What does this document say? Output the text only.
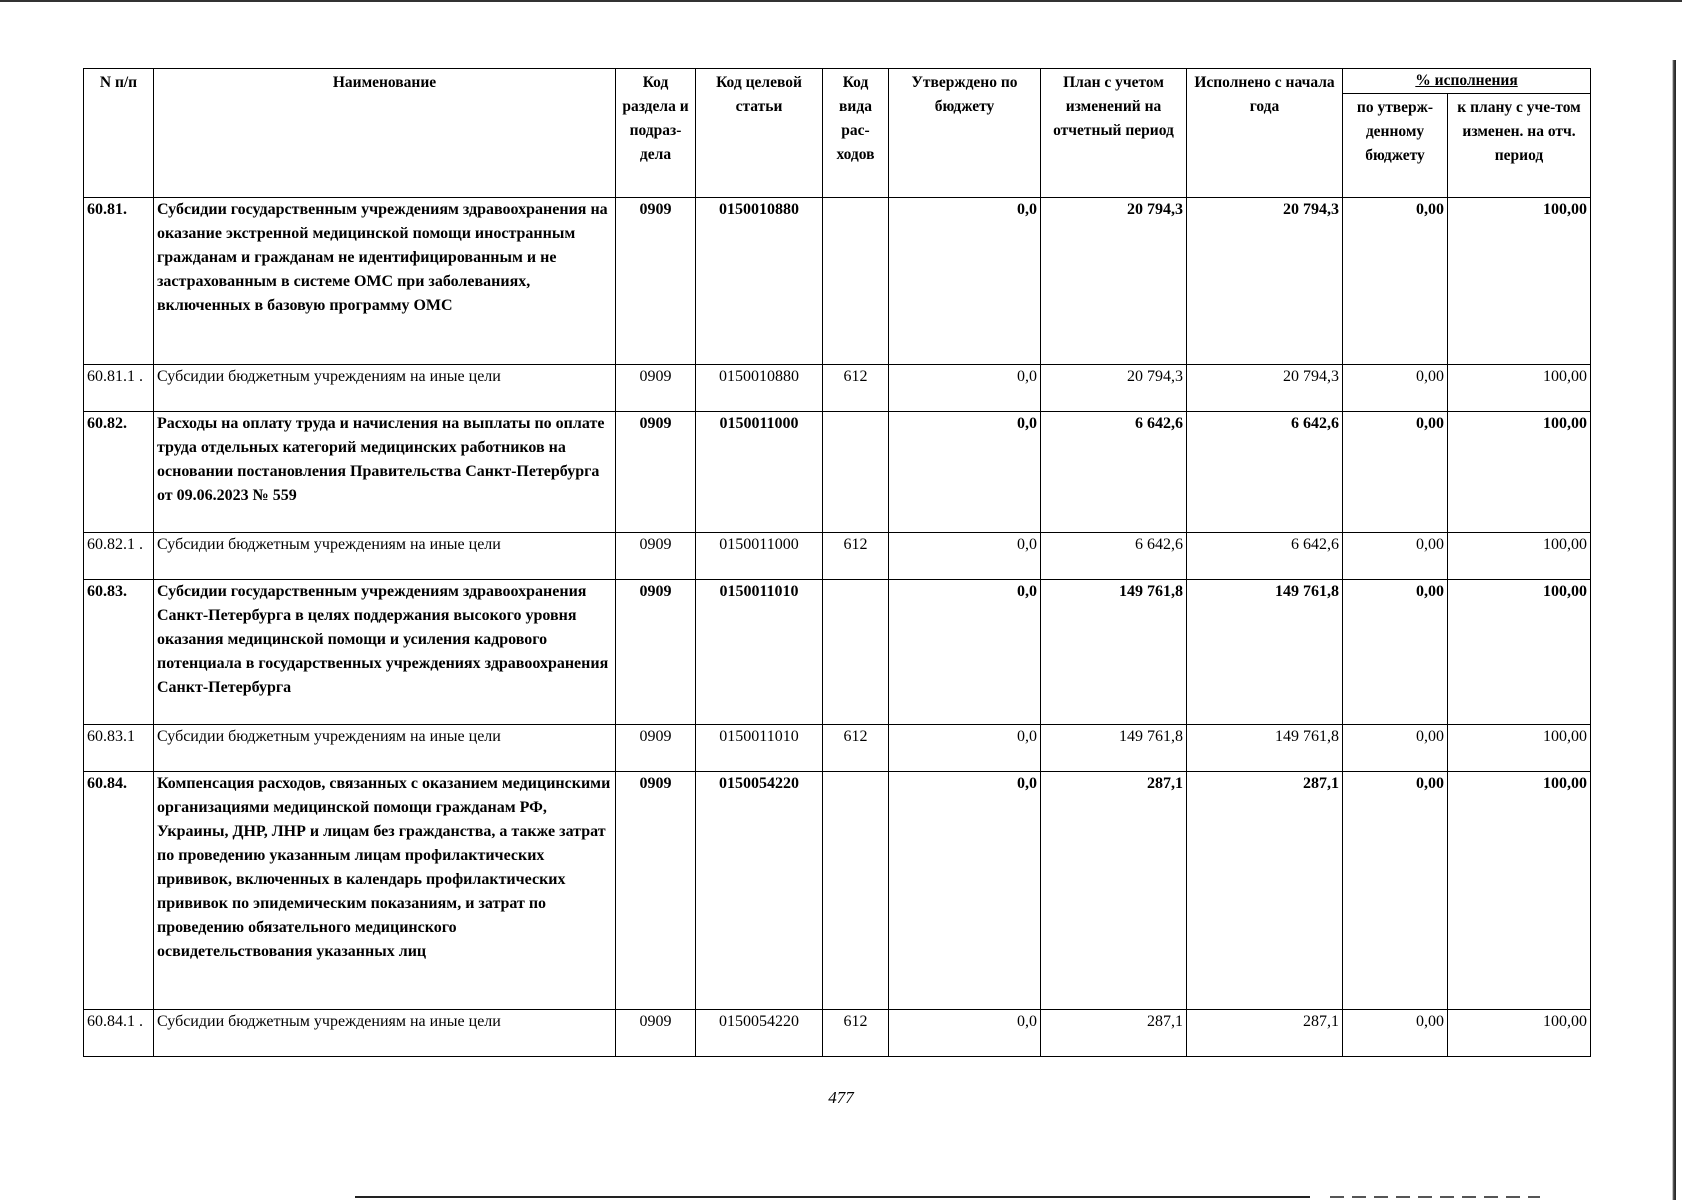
N п/п	Наименование	Код раздела и подраз-дела	Код целевой статьи	Код вида рас-ходов	Утверждено по бюджету	План с учетом изменений на отчетный период	Исполнено с начала года	% исполнения	
								по утверж-денному бюджету	к плану с уче-том изменен. на отч. период
60.81.	Субсидии государственным учреждениям здравоохранения на оказание экстренной медицинской помощи иностранным гражданам и гражданам не идентифицированным и не застрахованным в системе ОМС при заболеваниях, включенных в базовую программу ОМС	0909	0150010880		0,0	20 794,3	20 794,3	0,00	100,00
60.81.1 .	Субсидии бюджетным учреждениям на иные цели	0909	0150010880	612	0,0	20 794,3	20 794,3	0,00	100,00
60.82.	Расходы на оплату труда и начисления на выплаты по оплате труда отдельных категорий медицинских работников на основании постановления Правительства Санкт-Петербурга от 09.06.2023 № 559	0909	0150011000		0,0	6 642,6	6 642,6	0,00	100,00
60.82.1 .	Субсидии бюджетным учреждениям на иные цели	0909	0150011000	612	0,0	6 642,6	6 642,6	0,00	100,00
60.83.	Субсидии государственным учреждениям здравоохранения Санкт-Петербурга в целях поддержания высокого уровня оказания медицинской помощи и усиления кадрового потенциала в государственных учреждениях здравоохранения Санкт-Петербурга	0909	0150011010		0,0	149 761,8	149 761,8	0,00	100,00
60.83.1	Субсидии бюджетным учреждениям на иные цели	0909	0150011010	612	0,0	149 761,8	149 761,8	0,00	100,00
60.84.	Компенсация расходов, связанных с оказанием медицинскими организациями медицинской помощи гражданам РФ, Украины, ДНР, ЛНР и лицам без гражданства, а также затрат по проведению указанным лицам профилактических прививок, включенных в календарь профилактических прививок по эпидемическим показаниям, и затрат по проведению обязательного медицинского освидетельствования указанных лиц	0909	0150054220		0,0	287,1	287,1	0,00	100,00
60.84.1 .	Субсидии бюджетным учреждениям на иные цели	0909	0150054220	612	0,0	287,1	287,1	0,00	100,00
477
